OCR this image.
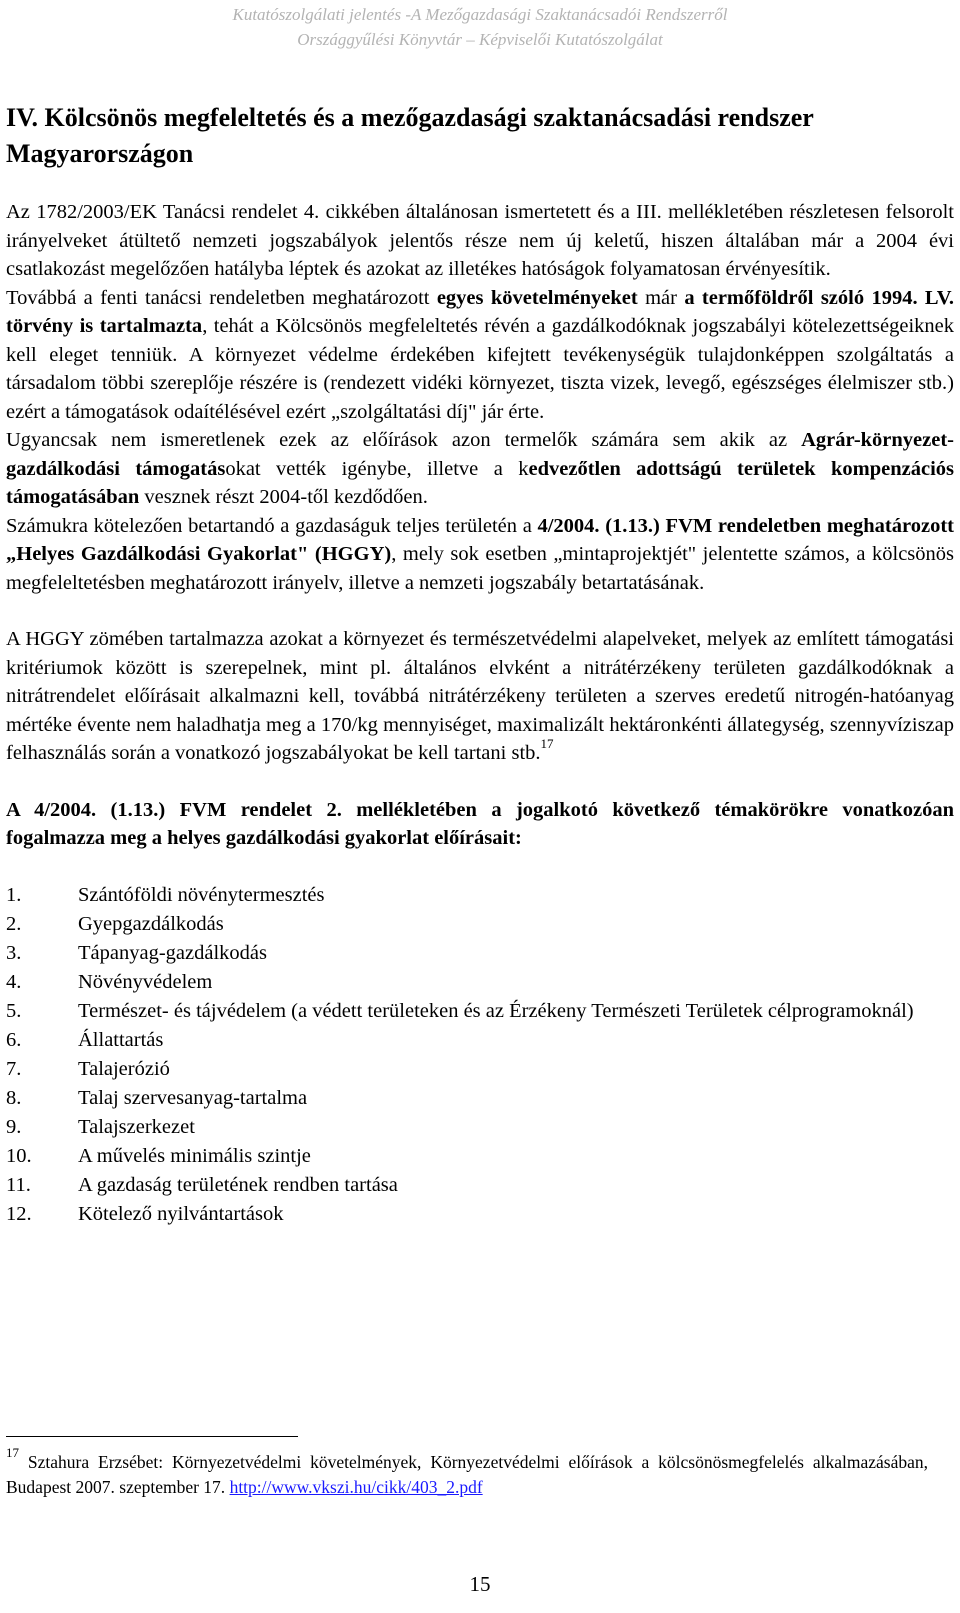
Kutatószolgálati jelentés -A Mezőgazdasági Szaktanácsadói Rendszerről
Országgyűlési Könyvtár – Képviselői Kutatószolgálat
IV. Kölcsönös megfeleltetés és a mezőgazdasági szaktanácsadási rendszer Magyarországon

Az 1782/2003/EK Tanácsi rendelet 4. cikkében általánosan ismertetett és a III. mellékletében részletesen felsorolt irányelveket átültető nemzeti jogszabályok jelentős része nem új keletű, hiszen általában már a 2004 évi csatlakozást megelőzően hatályba léptek és azokat az illetékes hatóságok folyamatosan érvényesítik.

Továbbá a fenti tanácsi rendeletben meghatározott egyes követelményeket már a termőföldről szóló 1994. LV. törvény is tartalmazta, tehát a Kölcsönös megfeleltetés révén a gazdálkodóknak jogszabályi kötelezettségeiknek kell eleget tenniük. A környezet védelme érdekében kifejtett tevékenységük tulajdonképpen szolgáltatás a társadalom többi szereplője részére is (rendezett vidéki környezet, tiszta vizek, levegő, egészséges élelmiszer stb.) ezért a támogatások odaítélésével ezért „szolgáltatási díj" jár érte.

Ugyancsak nem ismeretlenek ezek az előírások azon termelők számára sem akik az Agrár-környezet-gazdálkodási támogatásokat vették igénybe, illetve a kedvezőtlen adottságú területek kompenzációs támogatásában vesznek részt 2004-től kezdődően.

Számukra kötelezően betartandó a gazdaságuk teljes területén a 4/2004. (1.13.) FVM rendeletben meghatározott „Helyes Gazdálkodási Gyakorlat" (HGGY), mely sok esetben „mintaprojektjét" jelentette számos, a kölcsönös megfeleltetésben meghatározott irányelv, illetve a nemzeti jogszabály betartatásának.

A HGGY zömében tartalmazza azokat a környezet és természetvédelmi alapelveket, melyek az említett támogatási kritériumok között is szerepelnek, mint pl. általános elvként a nitrátérzékeny területen gazdálkodóknak a nitrátrendelet előírásait alkalmazni kell, továbbá nitrátérzékeny területen a szerves eredetű nitrogén-hatóanyag mértéke évente nem haladhatja meg a 170/kg mennyiséget, maximalizált hektáronkénti állategység, szennyvíziszap felhasználás során a vonatkozó jogszabályokat be kell tartani stb.$^{17}$

A 4/2004. (1.13.) FVM rendelet 2. mellékletében a jogalkotó következő témakörökre vonatkozóan fogalmazza meg a helyes gazdálkodási gyakorlat előírásait:

1.	Szántóföldi növénytermesztés
2.	Gyepgazdálkodás
3.	Tápanyag-gazdálkodás
4.	Növényvédelem
5.	Természet- és tájvédelem (a védett területeken és az Érzékeny Természeti Területek célprogramoknál)
6.	Állattartás
7.	Talajerózió
8.	Talaj szervesanyag-tartalma
9.	Talajszerkezet
10.	A művelés minimális szintje
11.	A gazdaság területének rendben tartása
12.	Kötelező nyilvántartások
$^{17}$ Sztahura Erzsébet: Környezetvédelmi követelmények, Környezetvédelmi előírások a kölcsönösmegfelelés alkalmazásában, Budapest 2007. szeptember 17. http://www.vkszi.hu/cikk/403_2.pdf
15
